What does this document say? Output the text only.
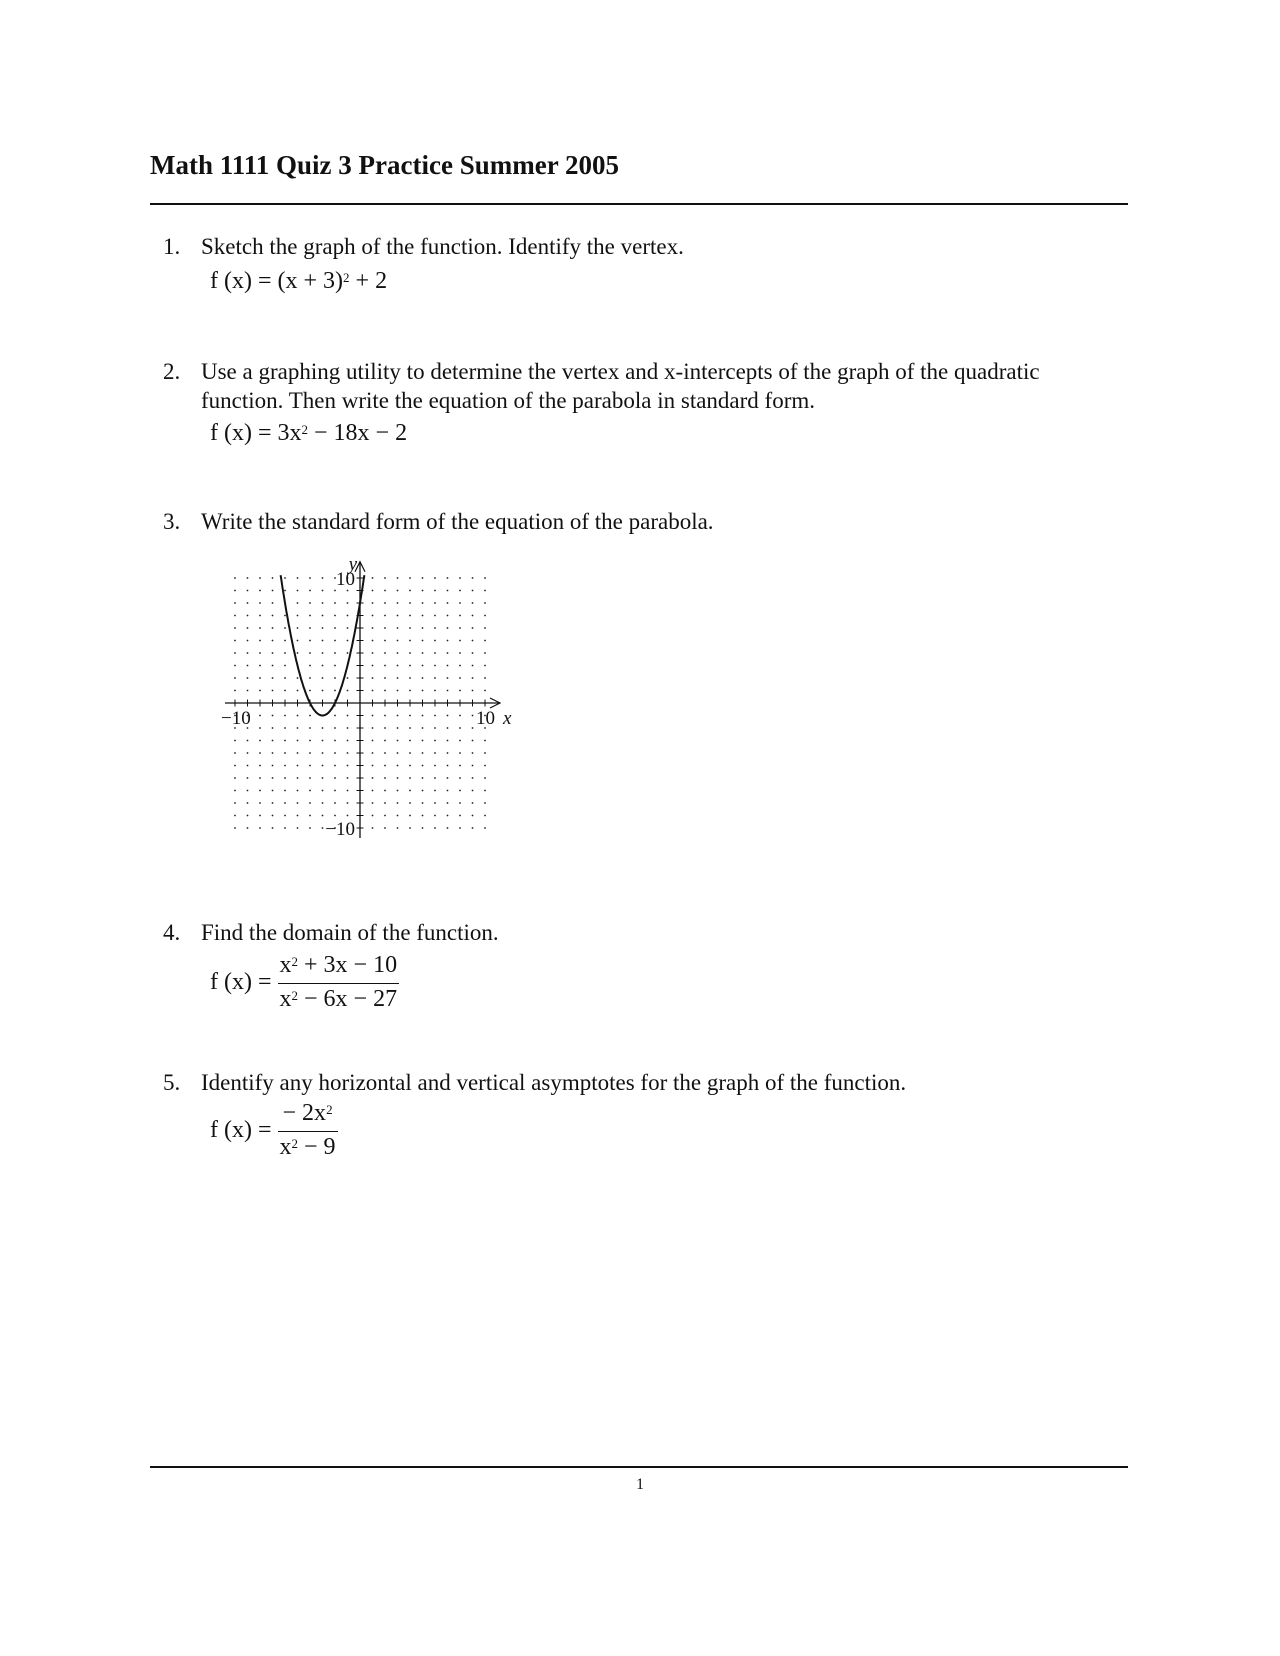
Math 1111 Quiz 3 Practice Summer 2005
1. Sketch the graph of the function. Identify the vertex.
f $(x) = (x + 3)^2 + 2$
2. Use a graphing utility to determine the vertex and x-intercepts of the graph of the quadratic function. Then write the equation of the parabola in standard form.
f $(x) = 3x^2 - 18x - 2$
3. Write the standard form of the equation of the parabola.
−10	10 x
10
y
−10
4. Find the domain of the function.
f $(x) = \frac{x^2 + 3x - 10}{x^2 - 6x - 27}$
5. Identify any horizontal and vertical asymptotes for the graph of the function.
f $(x) = \frac{- 2x^2}{x^2 - 9}$
1
